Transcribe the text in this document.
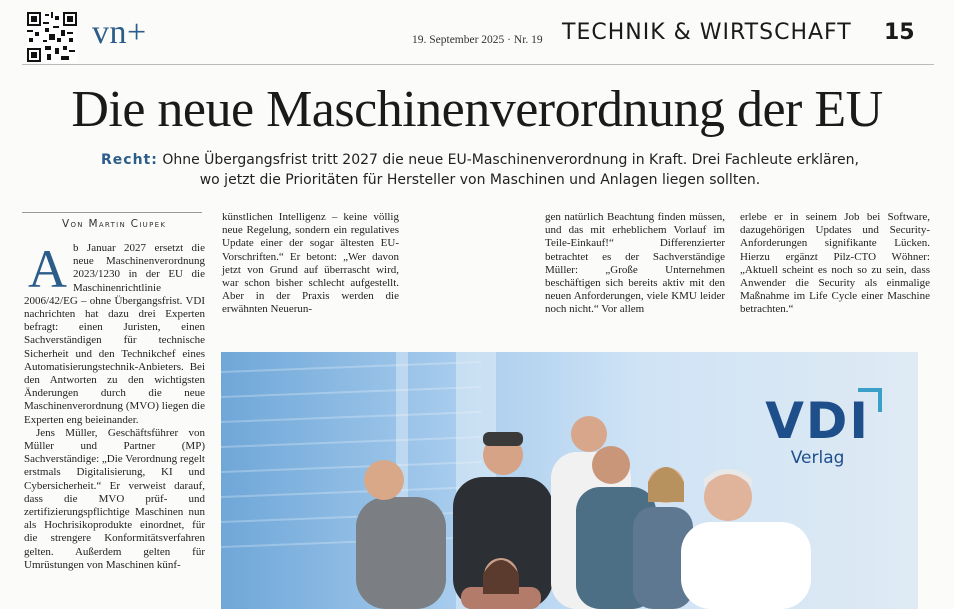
vn+	19. September 2025 · Nr. 19 TECHNIK & WIRTSCHAFT 15
Die neue Maschinenverordnung der EU
Recht: Ohne Übergangsfrist tritt 2027 die neue EU-Maschinenverordnung in Kraft. Drei Fachleute erklären,
wo jetzt die Prioritäten für Hersteller von Maschinen und Anlagen liegen sollten.
Von Martin Ciupek

Ab Januar 2027 ersetzt die neue Maschinenverordnung 2023/1230 in der EU die Maschinenrichtlinie 2006/42/EG – ohne Übergangsfrist. VDI nachrichten hat dazu drei Experten befragt: einen Juristen, einen Sachverständigen für technische Sicherheit und den Technikchef eines Automatisierungstechnik-Anbieters. Bei den Antworten zu den wichtigsten Änderungen durch die neue Maschinenverordnung (MVO) liegen die Experten eng beieinander.

Jens Müller, Geschäftsführer von Müller und Partner (MP) Sachverständige: „Die Verordnung regelt erstmals Digitalisierung, KI und Cybersicherheit.“ Er verweist darauf, dass die MVO prüf- und zertifizierungspflichtige Maschinen nun als Hochrisikoprodukte einordnet, für die strengere Konformitätsverfahren gelten. Außerdem gelten für Umrüstungen von Maschinen künf-

künstlichen Intelligenz – keine völlig neue Regelung, sondern ein regulatives Update einer der sogar ältesten EU-Vorschriften.“ Er betont: „Wer davon jetzt von Grund auf überrascht wird, war schon bisher schlecht aufgestellt. Aber in der Praxis werden die erwähnten Neuerun-

gen natürlich Beachtung finden müssen, und das mit erheblichem Vorlauf im Teile-Einkauf!“ Differenzierter betrachtet es der Sachverständige Müller: „Große Unternehmen beschäftigen sich bereits aktiv mit den neuen Anforderungen, viele KMU leider noch nicht.“ Vor allem

erlebe er in seinem Job bei Software, dazugehörigen Updates und Security-Anforderungen signifikante Lücken. Hierzu ergänzt Pilz-CTO Wöhner: „Aktuell scheint es noch so zu sein, dass Anwender die Security als einmalige Maßnahme im Life Cycle einer Maschine betrachten.“

VDI
Verlag
